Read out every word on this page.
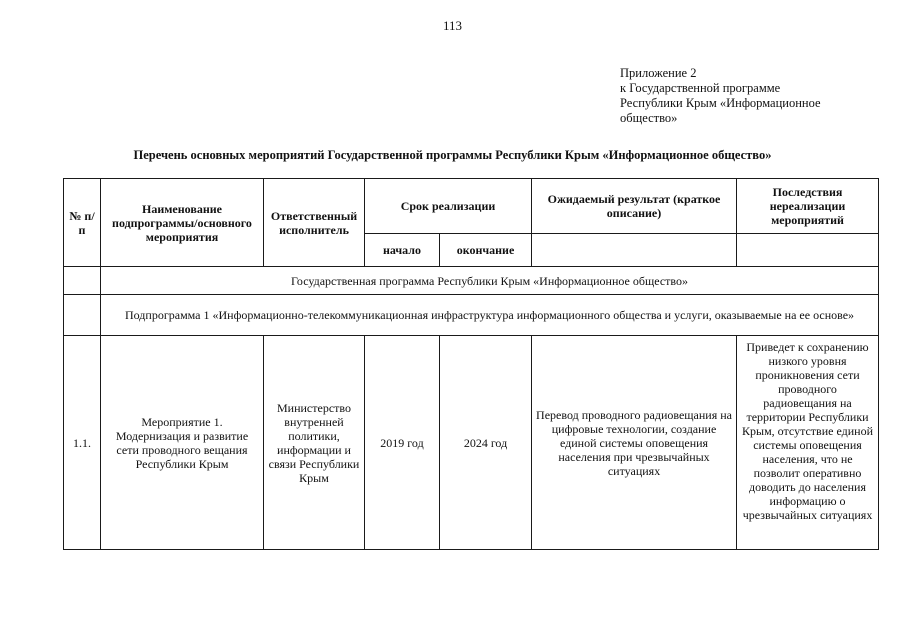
113
Приложение 2
к Государственной программе
Республики Крым «Информационное
общество»
Перечень основных мероприятий Государственной программы Республики Крым «Информационное общество»
№ п/п	Наименование подпрограммы/основного мероприятия	Ответственный исполнитель	Срок реализации		Ожидаемый результат (краткое описание)	Последствия нереализации мероприятий
			начало	окончание		
	Государственная программа Республики Крым «Информационное общество»					
	Подпрограмма 1 «Информационно-телекоммуникационная инфраструктура информационного общества и услуги, оказываемые на ее основе»					
1.1.	Мероприятие 1. Модернизация и развитие сети проводного вещания Республики Крым	Министерство внутренней политики, информации и связи Республики Крым	2019 год	2024 год	Перевод проводного радиовещания на цифровые технологии, создание единой системы оповещения населения при чрезвычайных ситуациях	Приведет к сохранению низкого уровня проникновения сети проводного радиовещания на территории Республики Крым, отсутствие единой системы оповещения населения, что не позволит оперативно доводить до населения информацию о чрезвычайных ситуациях
